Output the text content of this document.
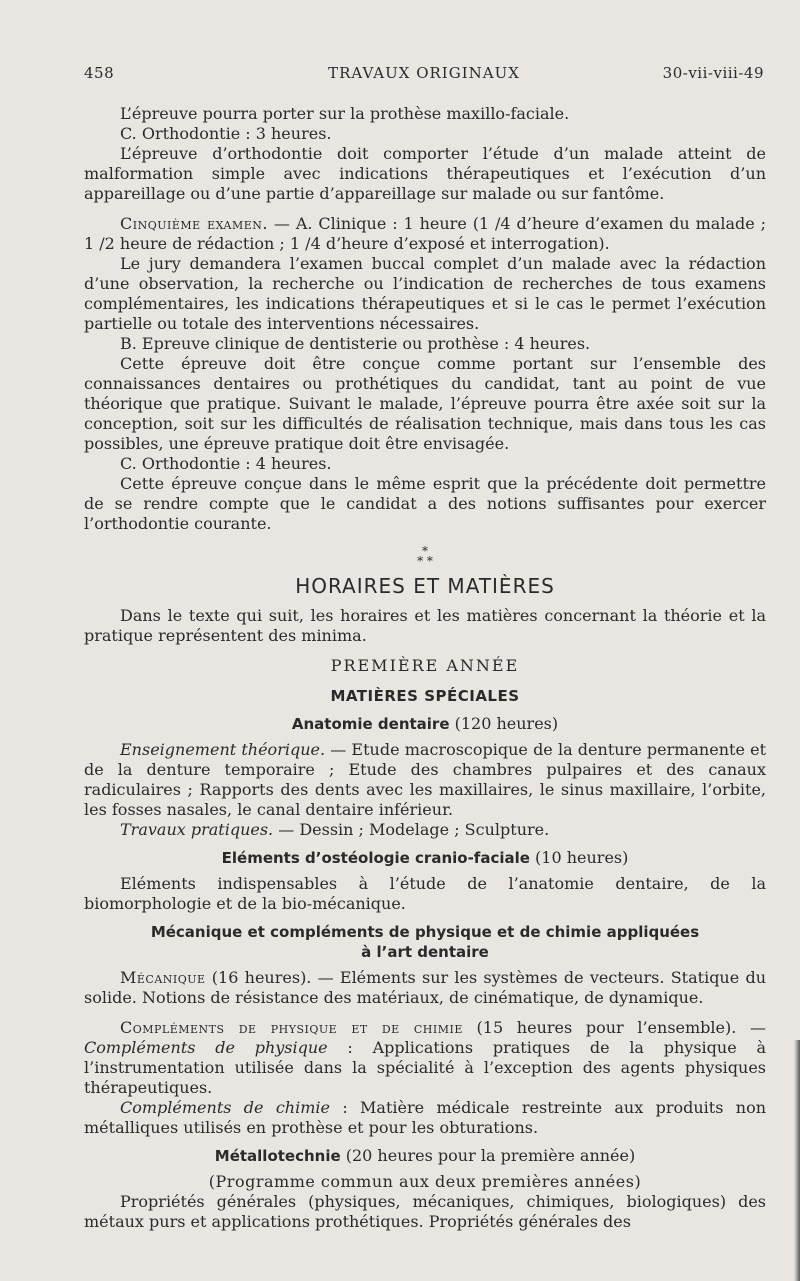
458	TRAVAUX ORIGINAUX	30-vii-viii-49

L’épreuve pourra porter sur la prothèse maxillo-faciale.

C. Orthodontie : 3 heures.

L’épreuve d’orthodontie doit comporter l’étude d’un malade atteint de malformation simple avec indications thérapeutiques et l’exécution d’un appareillage ou d’une partie d’appareillage sur malade ou sur fantôme.

Cinquième examen. — A. Clinique : 1 heure (1 /4 d’heure d’examen du malade ; 1 /2 heure de rédaction ; 1 /4 d’heure d’exposé et interrogation).

Le jury demandera l’examen buccal complet d’un malade avec la rédaction d’une observation, la recherche ou l’indication de recherches de tous examens complémentaires, les indications thérapeutiques et si le cas le permet l’exécution partielle ou totale des interventions nécessaires.

B. Epreuve clinique de dentisterie ou prothèse : 4 heures.

Cette épreuve doit être conçue comme portant sur l’ensemble des connaissances dentaires ou prothétiques du candidat, tant au point de vue théorique que pratique. Suivant le malade, l’épreuve pourra être axée soit sur la conception, soit sur les difficultés de réalisation technique, mais dans tous les cas possibles, une épreuve pratique doit être envisagée.

C. Orthodontie : 4 heures.

Cette épreuve conçue dans le même esprit que la précédente doit permettre de se rendre compte que le candidat a des notions suffisantes pour exercer l’orthodontie courante.

*
* *
HORAIRES ET MATIÈRES

Dans le texte qui suit, les horaires et les matières concernant la théorie et la pratique représentent des minima.

PREMIÈRE ANNÉE
MATIÈRES SPÉCIALES
Anatomie dentaire (120 heures)

Enseignement théorique. — Etude macroscopique de la denture permanente et de la denture temporaire ; Etude des chambres pulpaires et des canaux radiculaires ; Rapports des dents avec les maxillaires, le sinus maxillaire, l’orbite, les fosses nasales, le canal dentaire inférieur.

Travaux pratiques. — Dessin ; Modelage ; Sculpture.

Eléments d’ostéologie cranio-faciale (10 heures)

Eléments indispensables à l’étude de l’anatomie dentaire, de la biomorphologie et de la bio-mécanique.

Mécanique et compléments de physique et de chimie appliquées
à l’art dentaire

Mécanique (16 heures). — Eléments sur les systèmes de vecteurs. Statique du solide. Notions de résistance des matériaux, de cinématique, de dynamique.

Compléments de physique et de chimie (15 heures pour l’ensemble). — Compléments de physique : Applications pratiques de la physique à l’instrumentation utilisée dans la spécialité à l’exception des agents physiques thérapeutiques.

Compléments de chimie : Matière médicale restreinte aux produits non métalliques utilisés en prothèse et pour les obturations.

Métallotechnie (20 heures pour la première année)
(Programme commun aux deux premières années)

Propriétés générales (physiques, mécaniques, chimiques, biologiques) des métaux purs et applications prothétiques. Propriétés générales des
